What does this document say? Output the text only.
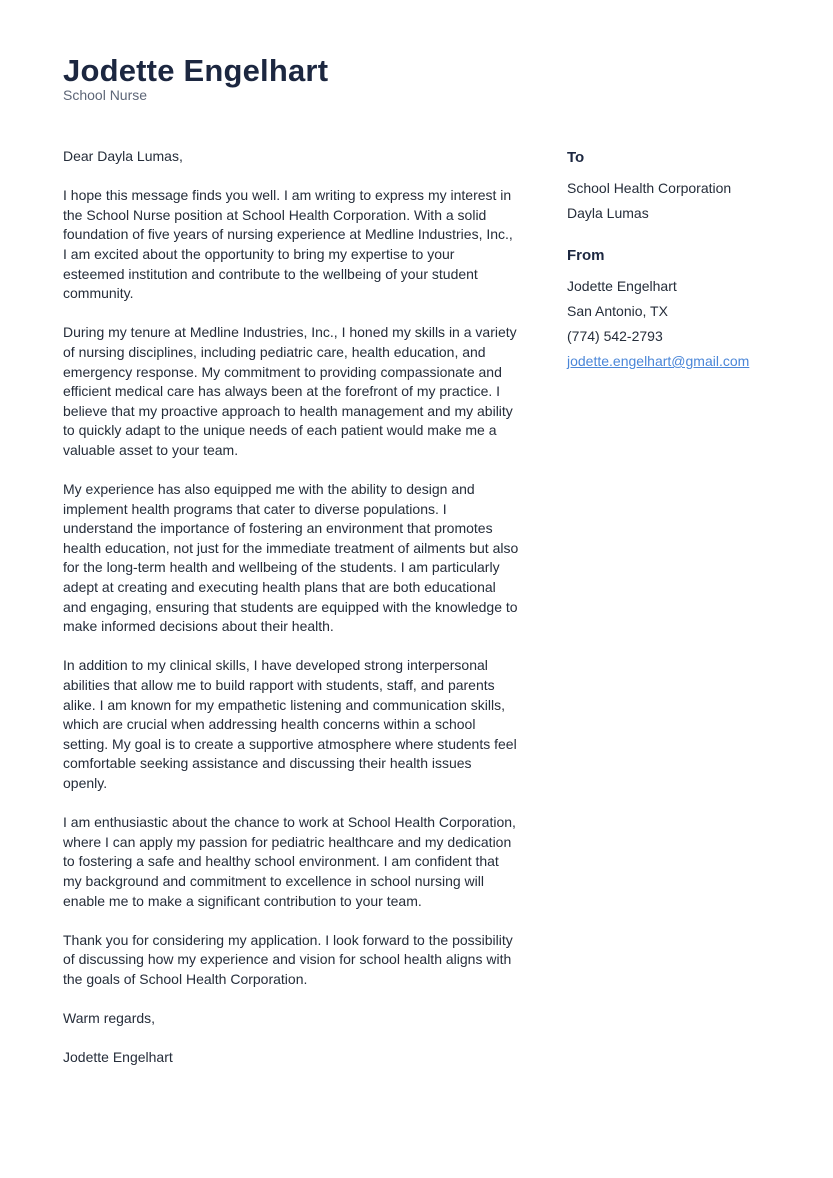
Jodette Engelhart
School Nurse

Dear Dayla Lumas,

I hope this message finds you well. I am writing to express my interest in the School Nurse position at School Health Corporation. With a solid foundation of five years of nursing experience at Medline Industries, Inc., I am excited about the opportunity to bring my expertise to your esteemed institution and contribute to the wellbeing of your student community.

During my tenure at Medline Industries, Inc., I honed my skills in a variety of nursing disciplines, including pediatric care, health education, and emergency response. My commitment to providing compassionate and efficient medical care has always been at the forefront of my practice. I believe that my proactive approach to health management and my ability to quickly adapt to the unique needs of each patient would make me a valuable asset to your team.

My experience has also equipped me with the ability to design and implement health programs that cater to diverse populations. I understand the importance of fostering an environment that promotes health education, not just for the immediate treatment of ailments but also for the long-term health and wellbeing of the students. I am particularly adept at creating and executing health plans that are both educational and engaging, ensuring that students are equipped with the knowledge to make informed decisions about their health.

In addition to my clinical skills, I have developed strong interpersonal abilities that allow me to build rapport with students, staff, and parents alike. I am known for my empathetic listening and communication skills, which are crucial when addressing health concerns within a school setting. My goal is to create a supportive atmosphere where students feel comfortable seeking assistance and discussing their health issues openly.

I am enthusiastic about the chance to work at School Health Corporation, where I can apply my passion for pediatric healthcare and my dedication to fostering a safe and healthy school environment. I am confident that my background and commitment to excellence in school nursing will enable me to make a significant contribution to your team.

Thank you for considering my application. I look forward to the possibility of discussing how my experience and vision for school health aligns with the goals of School Health Corporation.

Warm regards,

Jodette Engelhart

To
School Health Corporation
Dayla Lumas
From
Jodette Engelhart
San Antonio, TX
(774) 542-2793
jodette.engelhart@gmail.com
